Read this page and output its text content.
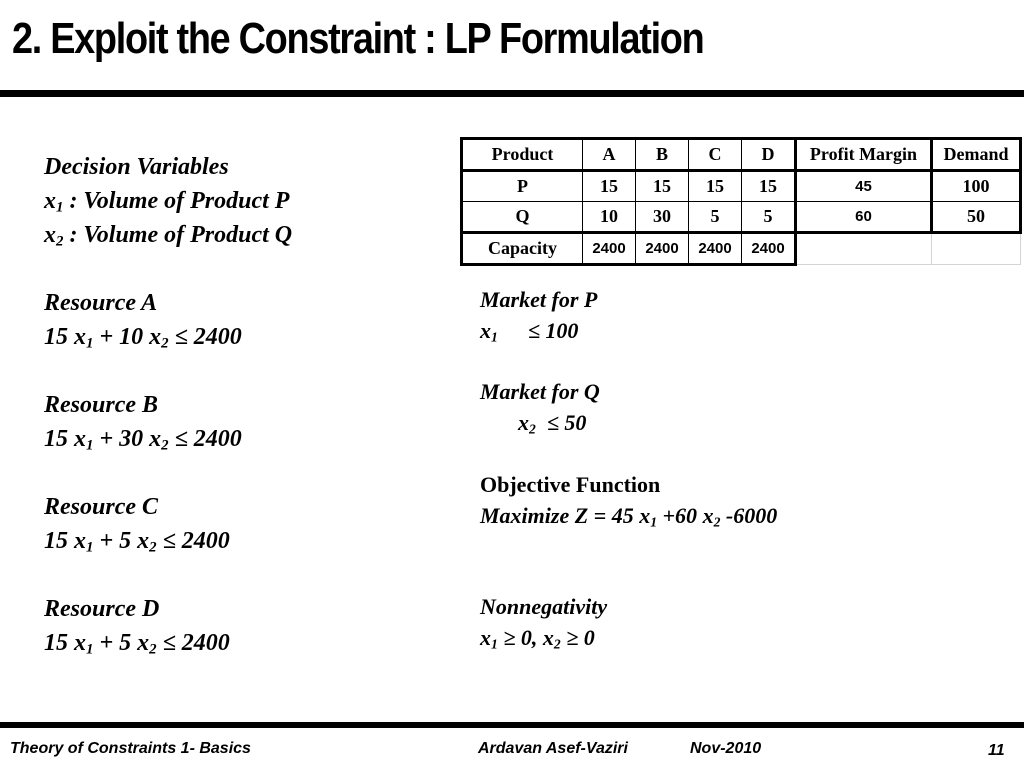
2. Exploit the Constraint : LP Formulation
Decision Variables
$x_1$ : Volume of Product P
$x_2$ : Volume of Product Q
Resource A
15 $x_1 + 10$ $x_2 \le 2400$
Resource B
15 $x_1 + 30$ $x_2 \le 2400$
Resource C
15 $x_1 + 5$ $x_2 \le 2400$
Resource D
15 $x_1 + 5$ $x_2 \le 2400$
Product	A	B	C	D	Profit Margin	Demand
P	15	15	15	15	45	100
Q	10	30	5	5	60	50
Capacity	2400	2400	2400	2400		
Market for P
$x_1 \le 100$
Market for Q
$x_2 \le 50$
Objective Function
Maximize Z = 45 $x_1 +60$ $x_2$ -6000
Nonnegativity
$x_1 \ge 0$, $x_2 \ge 0$
Theory of Constraints 1- Basics	Ardavan Asef-Vaziri	Nov-2010	11
